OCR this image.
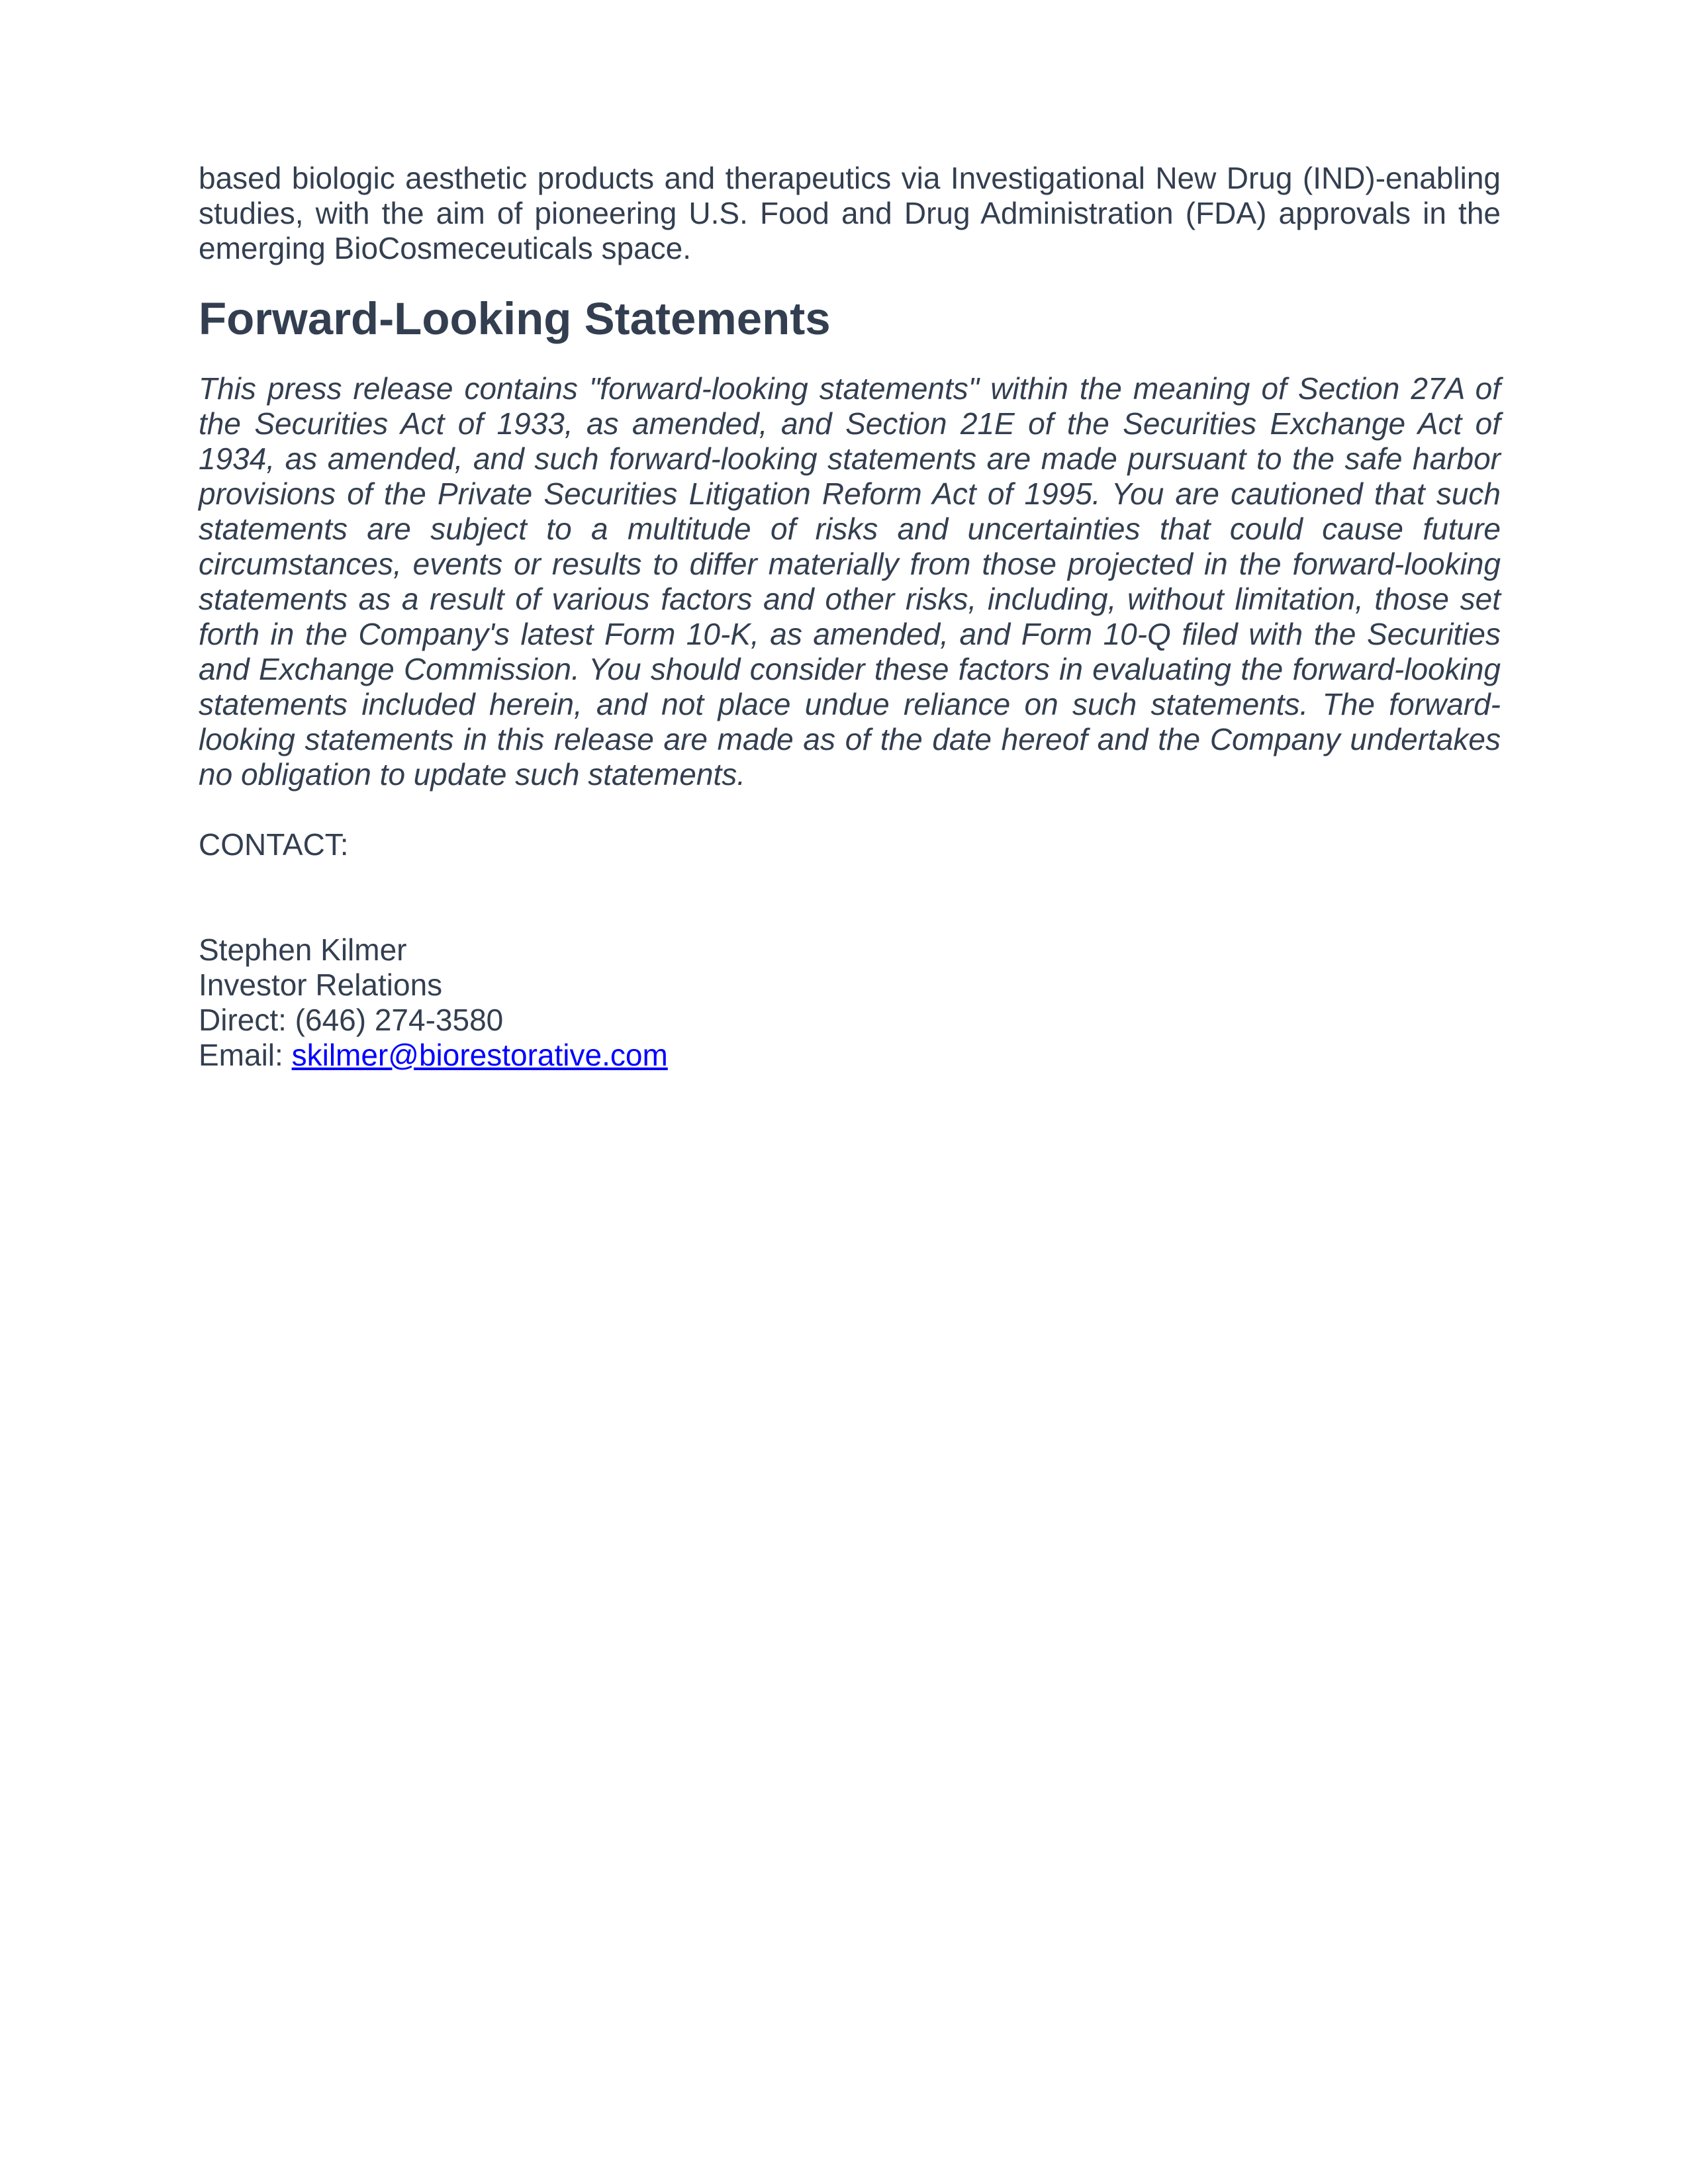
based biologic aesthetic products and therapeutics via Investigational New Drug (IND)-enabling studies, with the aim of pioneering U.S. Food and Drug Administration (FDA) approvals in the emerging BioCosmeceuticals space.

Forward-Looking Statements

This press release contains "forward-looking statements" within the meaning of Section 27A of the Securities Act of 1933, as amended, and Section 21E of the Securities Exchange Act of 1934, as amended, and such forward-looking statements are made pursuant to the safe harbor provisions of the Private Securities Litigation Reform Act of 1995. You are cautioned that such statements are subject to a multitude of risks and uncertainties that could cause future circumstances, events or results to differ materially from those projected in the forward-looking statements as a result of various factors and other risks, including, without limitation, those set forth in the Company's latest Form 10-K, as amended, and Form 10-Q filed with the Securities and Exchange Commission. You should consider these factors in evaluating the forward-looking statements included herein, and not place undue reliance on such statements. The forward-looking statements in this release are made as of the date hereof and the Company undertakes no obligation to update such statements.

CONTACT:

Stephen Kilmer
Investor Relations
Direct: (646) 274-3580
Email: skilmer@biorestorative.com
